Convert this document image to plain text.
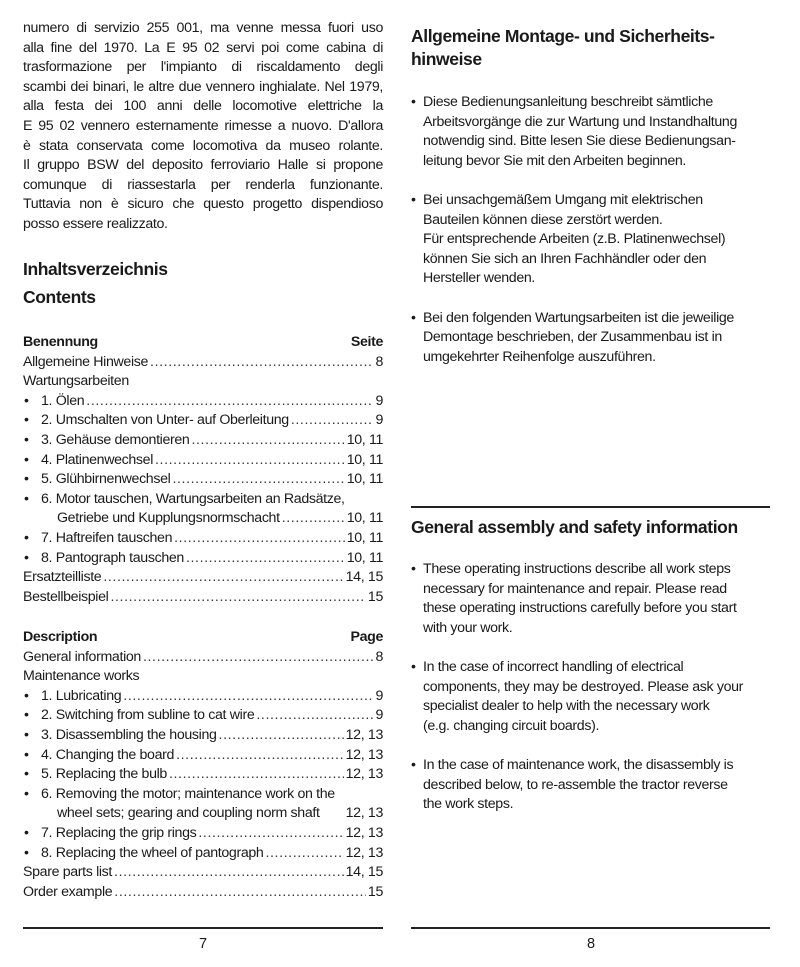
numero di servizio 255 001, ma venne messa fuori uso
alla fine del 1970. La E 95 02 servi poi come cabina di
trasformazione per l'impianto di riscaldamento degli
scambi dei binari, le altre due vennero inghialate. Nel 1979,
alla festa dei 100 anni delle locomotive elettriche la
E 95 02 vennero esternamente rimesse a nuovo. D'allora
è stata conservata come locomotiva da museo rolante.
Il gruppo BSW del deposito ferroviario Halle si propone
comunque di riassestarla per renderla funzionante.
Tuttavia non è sicuro che questo progetto dispendioso
posso essere realizzato.
Inhaltsverzeichnis
Contents
Benennung	Seite
Allgemeine Hinweise .....	8
Wartungsarbeiten
• 1. Ölen .....	9
• 2. Umschalten von Unter- auf Oberleitung .....	9
• 3. Gehäuse demontieren .....	10, 11
• 4. Platinenwechsel .....	10, 11
• 5. Glühbirnenwechsel .....	10, 11
• 6. Motor tauschen, Wartungsarbeiten an Radsätze,
Getriebe und Kupplungsnormschacht .....	10, 11
• 7. Haftreifen tauschen .....	10, 11
• 8. Pantograph tauschen .....	10, 11
Ersatzteilliste .....	14, 15
Bestellbeispiel .....	15
Description	Page
General information .....	8
Maintenance works
• 1. Lubricating .....	9
• 2. Switching from subline to cat wire .....	9
• 3. Disassembling the housing .....	12, 13
• 4. Changing the board .....	12, 13
• 5. Replacing the bulb .....	12, 13
• 6. Removing the motor; maintenance work on the
wheel sets; gearing and coupling norm shaft 12, 13
• 7. Replacing the grip rings .....	12, 13
• 8. Replacing the wheel of pantograph .....	12, 13
Spare parts list .....	14, 15
Order example .....	15
7
Allgemeine Montage- und Sicherheits-
hinweise
• Diese Bedienungsanleitung beschreibt sämtliche
Arbeitsvorgänge die zur Wartung und Instandhaltung
notwendig sind. Bitte lesen Sie diese Bedienungsan-
leitung bevor Sie mit den Arbeiten beginnen.
• Bei unsachgemäßem Umgang mit elektrischen
Bauteilen können diese zerstört werden.
Für entsprechende Arbeiten (z.B. Platinenwechsel)
können Sie sich an Ihren Fachhändler oder den
Hersteller wenden.
• Bei den folgenden Wartungsarbeiten ist die jeweilige
Demontage beschrieben, der Zusammenbau ist in
umgekehrter Reihenfolge auszuführen.
General assembly and safety information
• These operating instructions describe all work steps
necessary for maintenance and repair. Please read
these operating instructions carefully before you start
with your work.
• In the case of incorrect handling of electrical
components, they may be destroyed. Please ask your
specialist dealer to help with the necessary work
(e.g. changing circuit boards).
• In the case of maintenance work, the disassembly is
described below, to re-assemble the tractor reverse
the work steps.
8
